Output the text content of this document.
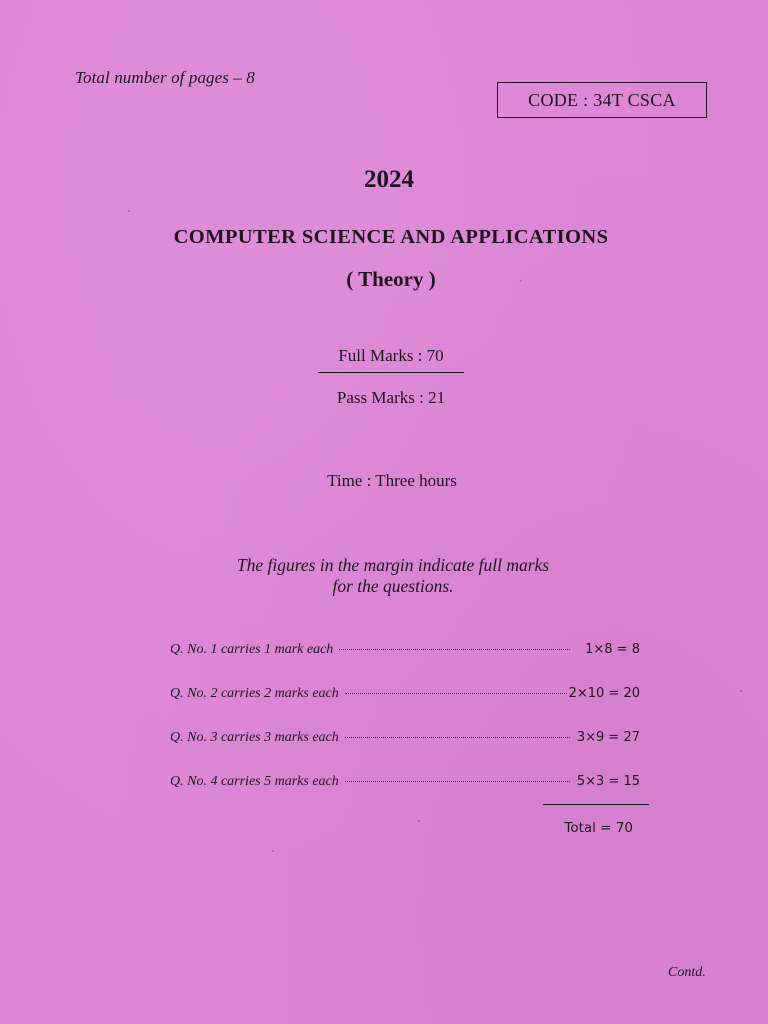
Total number of pages – 8
CODE : 34T CSCA
2024
COMPUTER SCIENCE AND APPLICATIONS
( Theory )
Full Marks : 70
Pass Marks : 21
Time : Three hours
The figures in the margin indicate full marks
for the questions.
Q. No. 1 carries 1 mark each	1×8 = 8
Q. No. 2 carries 2 marks each	2×10 = 20
Q. No. 3 carries 3 marks each	3×9 = 27
Q. No. 4 carries 5 marks each	5×3 = 15
Total = 70
Contd.
